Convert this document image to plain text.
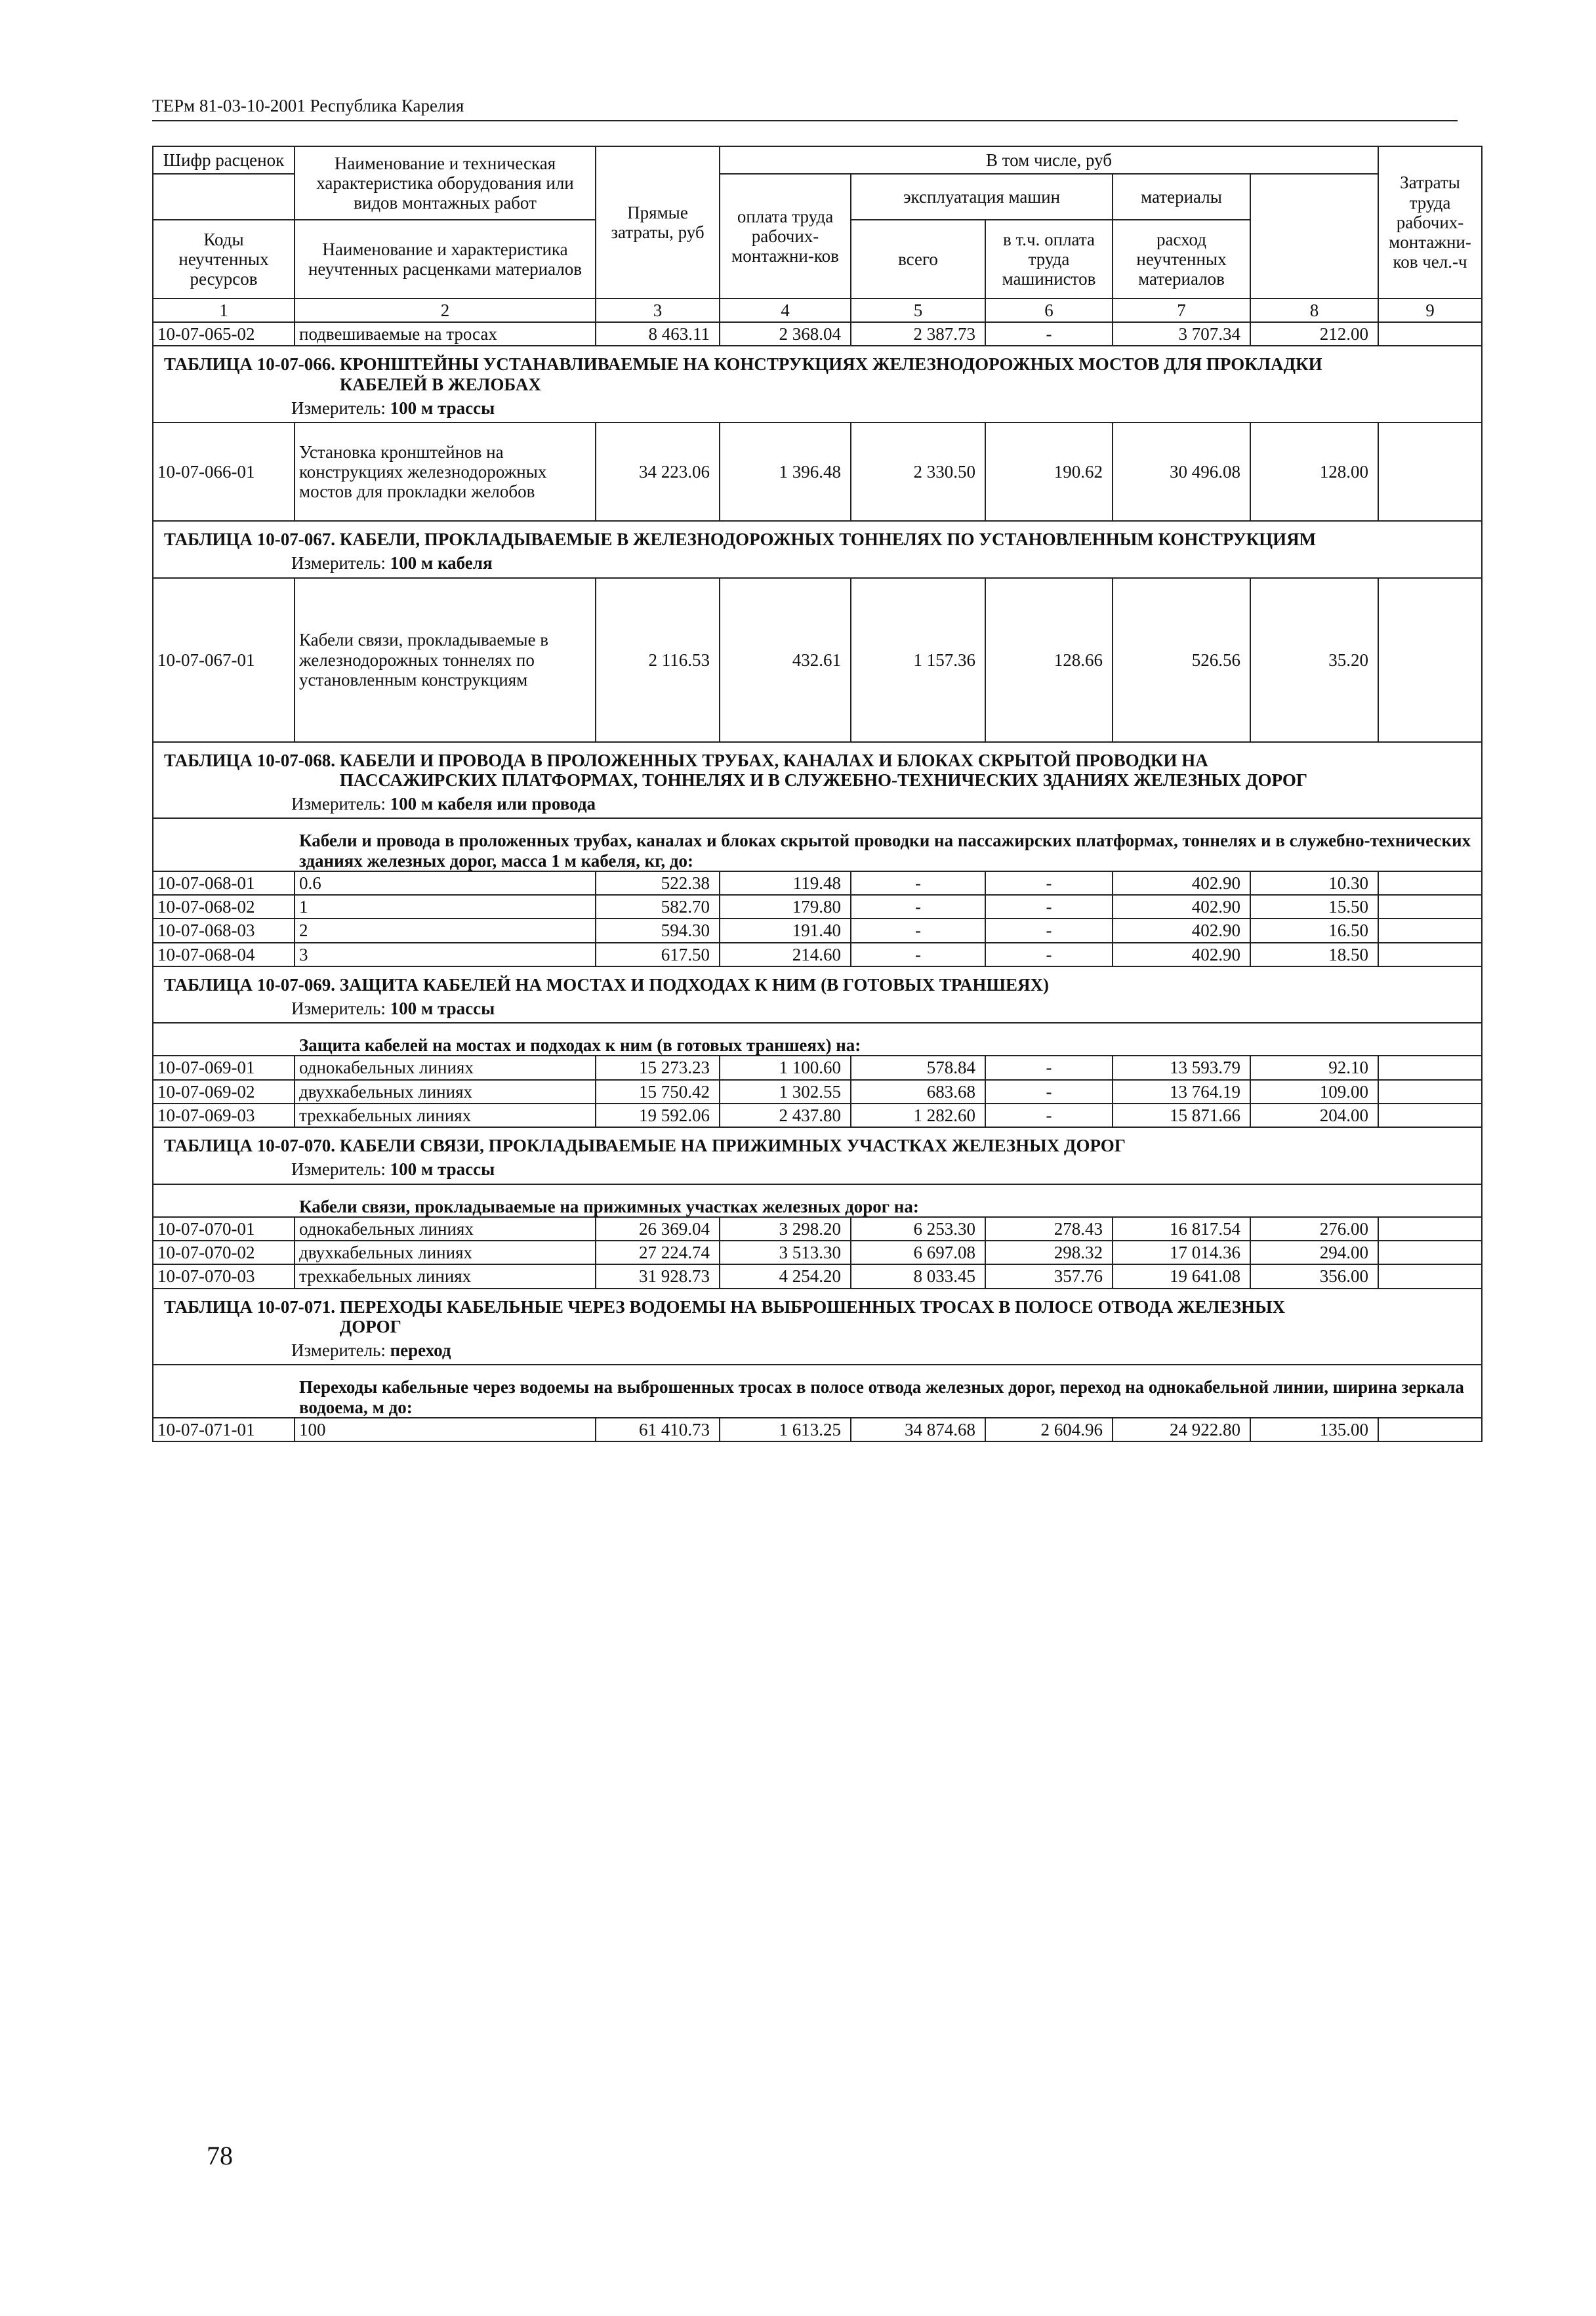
ТЕРм 81-03-10-2001 Республика Карелия
Шифр расценок	Наименование и техническая характеристика оборудования или видов монтажных работ	Прямые затраты, руб	В том числе, руб					Затраты труда рабочих-монтажни-ков чел.-ч	
			оплата труда рабочих-монтажни-ков	эксплуатация машин		материалы			
Коды неучтенных ресурсов	Наименование и характеристика неучтенных расценками материалов			всего	в т.ч. оплата труда машинистов	расход неучтенных материалов			

1	2	3	4	5	6	7	8	9	
10-07-065-02	подвешиваемые на тросах	8 463.11	2 368.04	2 387.73	-	3 707.34	212.00		
ТАБЛИЦА 10-07-066. КРОНШТЕЙНЫ УСТАНАВЛИВАЕМЫЕ НА КОНСТРУКЦИЯХ ЖЕЛЕЗНОДОРОЖНЫХ МОСТОВ ДЛЯ ПРОКЛАДКИ КАБЕЛЕЙ В ЖЕЛОБАХ									
Измеритель: 100 м трассы									
10-07-066-01	Установка кронштейнов на конструкциях железнодорожных мостов для прокладки желобов	34 223.06	1 396.48	2 330.50	190.62	30 496.08	128.00		
ТАБЛИЦА 10-07-067. КАБЕЛИ, ПРОКЛАДЫВАЕМЫЕ В ЖЕЛЕЗНОДОРОЖНЫХ ТОННЕЛЯХ ПО УСТАНОВЛЕННЫМ КОНСТРУКЦИЯМ									
Измеритель: 100 м кабеля									
10-07-067-01	Кабели связи, прокладываемые в железнодорожных тоннелях по установленным конструкциям	2 116.53	432.61	1 157.36	128.66	526.56	35.20		
ТАБЛИЦА 10-07-068. КАБЕЛИ И ПРОВОДА В ПРОЛОЖЕННЫХ ТРУБАХ, КАНАЛАХ И БЛОКАХ СКРЫТОЙ ПРОВОДКИ НА ПАССАЖИРСКИХ ПЛАТФОРМАХ, ТОННЕЛЯХ И В СЛУЖЕБНО-ТЕХНИЧЕСКИХ ЗДАНИЯХ ЖЕЛЕЗНЫХ ДОРОГ									
Измеритель: 100 м кабеля или провода									
Кабели и провода в проложенных трубах, каналах и блоках скрытой проводки на пассажирских платформах, тоннелях и в служебно-технических зданиях железных дорог, масса 1 м кабеля, кг, до:									
10-07-068-01	0.6	522.38	119.48	-	-	402.90	10.30		
10-07-068-02	1	582.70	179.80	-	-	402.90	15.50		
10-07-068-03	2	594.30	191.40	-	-	402.90	16.50		
10-07-068-04	3	617.50	214.60	-	-	402.90	18.50		
ТАБЛИЦА 10-07-069. ЗАЩИТА КАБЕЛЕЙ НА МОСТАХ И ПОДХОДАХ К НИМ (В ГОТОВЫХ ТРАНШЕЯХ)									
Измеритель: 100 м трассы									
Защита кабелей на мостах и подходах к ним (в готовых траншеях) на:									
10-07-069-01	однокабельных линиях	15 273.23	1 100.60	578.84	-	13 593.79	92.10		
10-07-069-02	двухкабельных линиях	15 750.42	1 302.55	683.68	-	13 764.19	109.00		
10-07-069-03	трехкабельных линиях	19 592.06	2 437.80	1 282.60	-	15 871.66	204.00		
ТАБЛИЦА 10-07-070. КАБЕЛИ СВЯЗИ, ПРОКЛАДЫВАЕМЫЕ НА ПРИЖИМНЫХ УЧАСТКАХ ЖЕЛЕЗНЫХ ДОРОГ									
Измеритель: 100 м трассы									
Кабели связи, прокладываемые на прижимных участках железных дорог на:									
10-07-070-01	однокабельных линиях	26 369.04	3 298.20	6 253.30	278.43	16 817.54	276.00		
10-07-070-02	двухкабельных линиях	27 224.74	3 513.30	6 697.08	298.32	17 014.36	294.00		
10-07-070-03	трехкабельных линиях	31 928.73	4 254.20	8 033.45	357.76	19 641.08	356.00		
ТАБЛИЦА 10-07-071. ПЕРЕХОДЫ КАБЕЛЬНЫЕ ЧЕРЕЗ ВОДОЕМЫ НА ВЫБРОШЕННЫХ ТРОСАХ В ПОЛОСЕ ОТВОДА ЖЕЛЕЗНЫХ ДОРОГ									
Измеритель: переход									
Переходы кабельные через водоемы на выброшенных тросах в полосе отвода железных дорог, переход на однокабельной линии, ширина зеркала водоема, м до:									
10-07-071-01	100	61 410.73	1 613.25	34 874.68	2 604.96	24 922.80	135.00		
78
